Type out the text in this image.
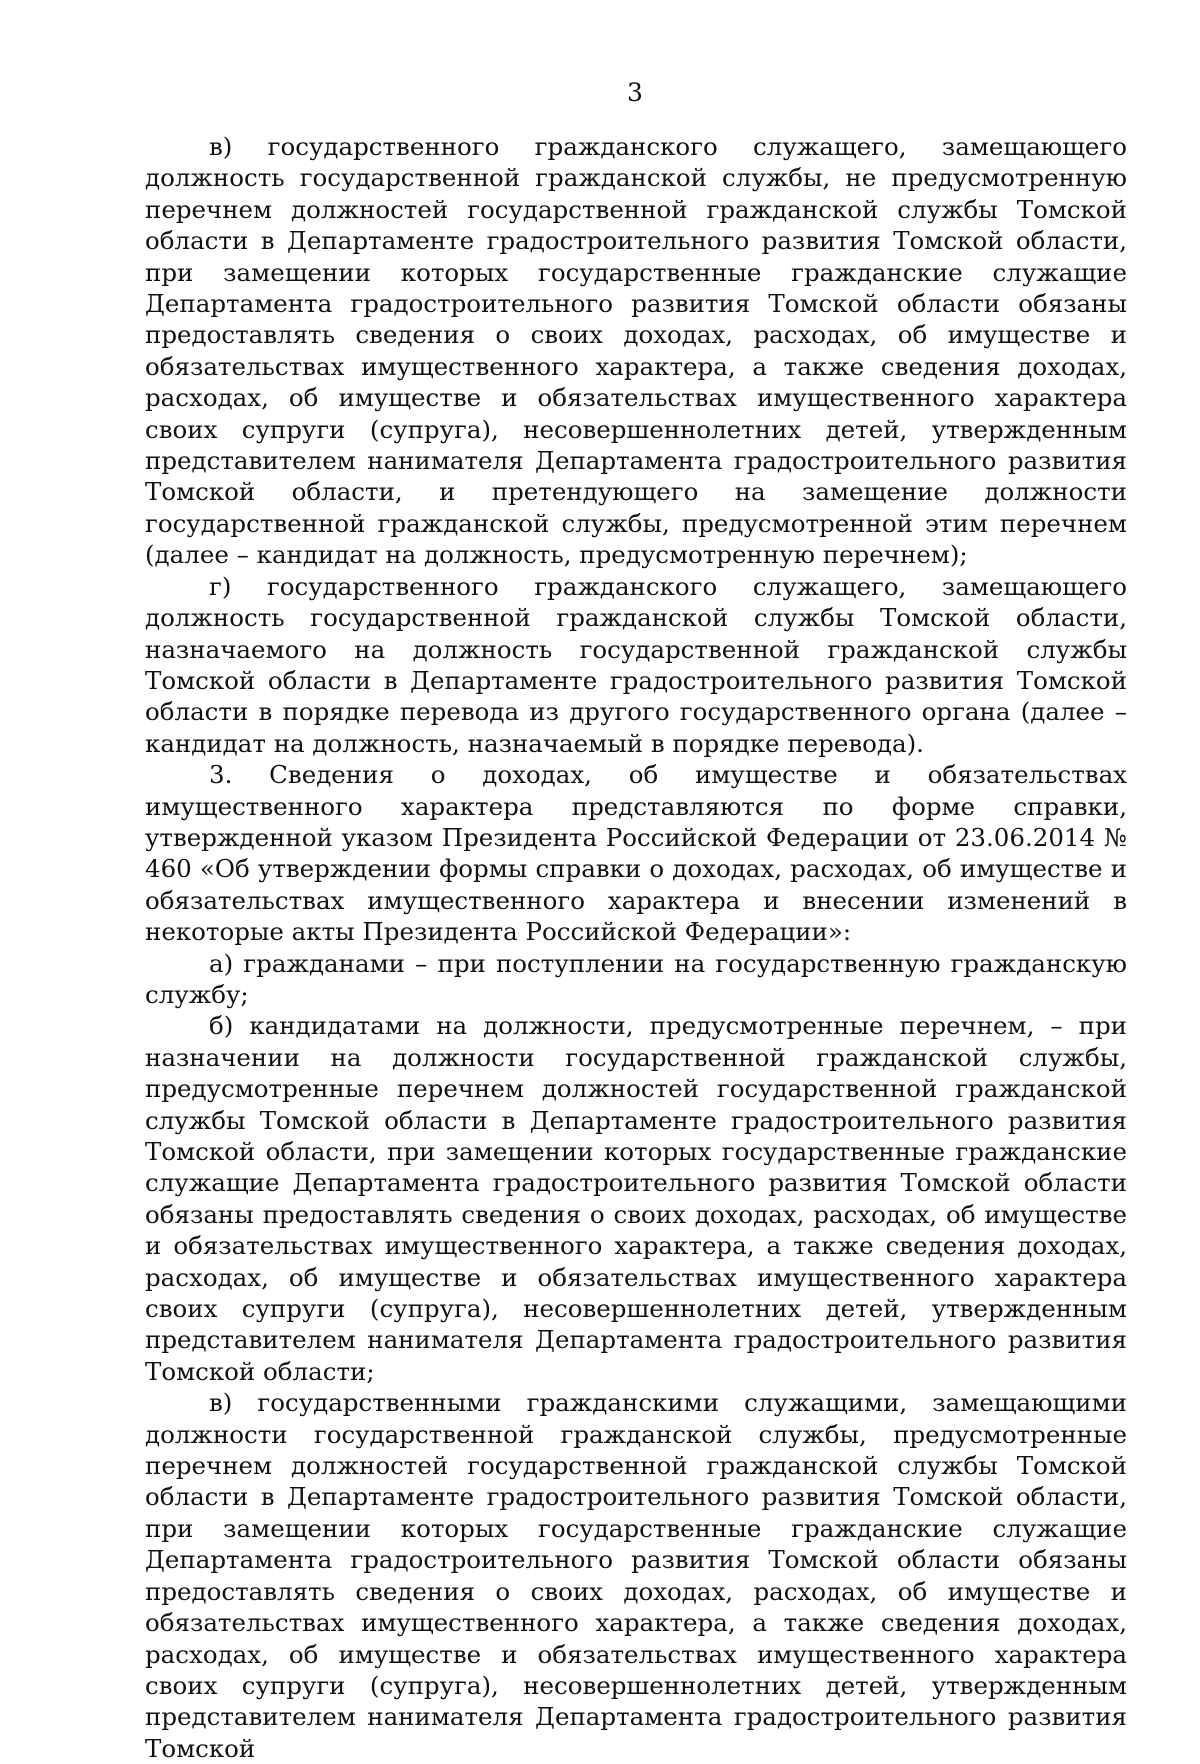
3

в) государственного гражданского служащего, замещающего должность государственной гражданской службы, не предусмотренную перечнем должностей государственной гражданской службы Томской области в Департаменте градостроительного развития Томской области, при замещении которых государственные гражданские служащие Департамента градостроительного развития Томской области обязаны предоставлять сведения о своих доходах, расходах, об имуществе и обязательствах имущественного характера, а также сведения доходах, расходах, об имуществе и обязательствах имущественного характера своих супруги (супруга), несовершеннолетних детей, утвержденным представителем нанимателя Департамента градостроительного развития Томской области, и претендующего на замещение должности государственной гражданской службы, предусмотренной этим перечнем (далее – кандидат на должность, предусмотренную перечнем);

г) государственного гражданского служащего, замещающего должность государственной гражданской службы Томской области, назначаемого на должность государственной гражданской службы Томской области в Департаменте градостроительного развития Томской области в порядке перевода из другого государственного органа (далее – кандидат на должность, назначаемый в порядке перевода).

3. Сведения о доходах, об имуществе и обязательствах имущественного характера представляются по форме справки, утвержденной указом Президента Российской Федерации от 23.06.2014 № 460 «Об утверждении формы справки о доходах, расходах, об имуществе и обязательствах имущественного характера и внесении изменений в некоторые акты Президента Российской Федерации»:

а) гражданами – при поступлении на государственную гражданскую службу;

б) кандидатами на должности, предусмотренные перечнем, – при назначении на должности государственной гражданской службы, предусмотренные перечнем должностей государственной гражданской службы Томской области в Департаменте градостроительного развития Томской области, при замещении которых государственные гражданские служащие Департамента градостроительного развития Томской области обязаны предоставлять сведения о своих доходах, расходах, об имуществе и обязательствах имущественного характера, а также сведения доходах, расходах, об имуществе и обязательствах имущественного характера своих супруги (супруга), несовершеннолетних детей, утвержденным представителем нанимателя Департамента градостроительного развития Томской области;

в) государственными гражданскими служащими, замещающими должности государственной гражданской службы, предусмотренные перечнем должностей государственной гражданской службы Томской области в Департаменте градостроительного развития Томской области, при замещении которых государственные гражданские служащие Департамента градостроительного развития Томской области обязаны предоставлять сведения о своих доходах, расходах, об имуществе и обязательствах имущественного характера, а также сведения доходах, расходах, об имуществе и обязательствах имущественного характера своих супруги (супруга), несовершеннолетних детей, утвержденным представителем нанимателя Департамента градостроительного развития Томской
